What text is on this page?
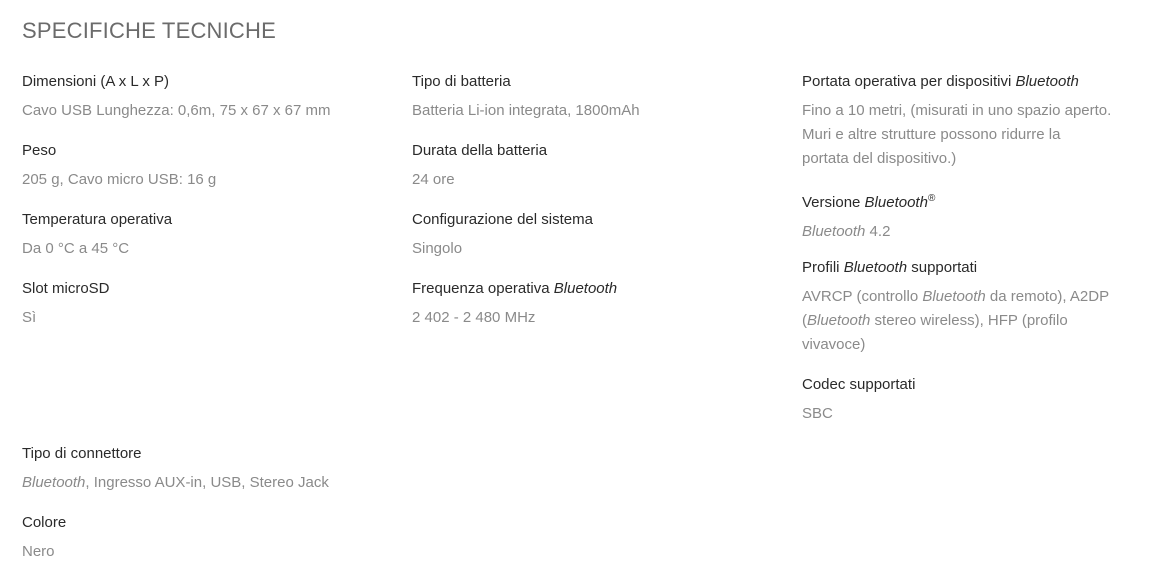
SPECIFICHE TECNICHE
Dimensioni (A x L x P)
Cavo USB Lunghezza: 0,6m, 75 x 67 x 67 mm
Peso
205 g, Cavo micro USB: 16 g
Temperatura operativa
Da 0 °C a 45 °C
Slot microSD
Sì
Tipo di connettore
Bluetooth, Ingresso AUX-in, USB, Stereo Jack
Colore
Nero
Tipo di batteria
Batteria Li-ion integrata, 1800mAh
Durata della batteria
24 ore
Configurazione del sistema
Singolo
Frequenza operativa Bluetooth
2 402 - 2 480 MHz
Portata operativa per dispositivi Bluetooth
Fino a 10 metri, (misurati in uno spazio aperto.
Muri e altre strutture possono ridurre la
portata del dispositivo.)
Versione Bluetooth®
Bluetooth 4.2
Profili Bluetooth supportati
AVRCP (controllo Bluetooth da remoto), A2DP
(Bluetooth stereo wireless), HFP (profilo
vivavoce)
Codec supportati
SBC
